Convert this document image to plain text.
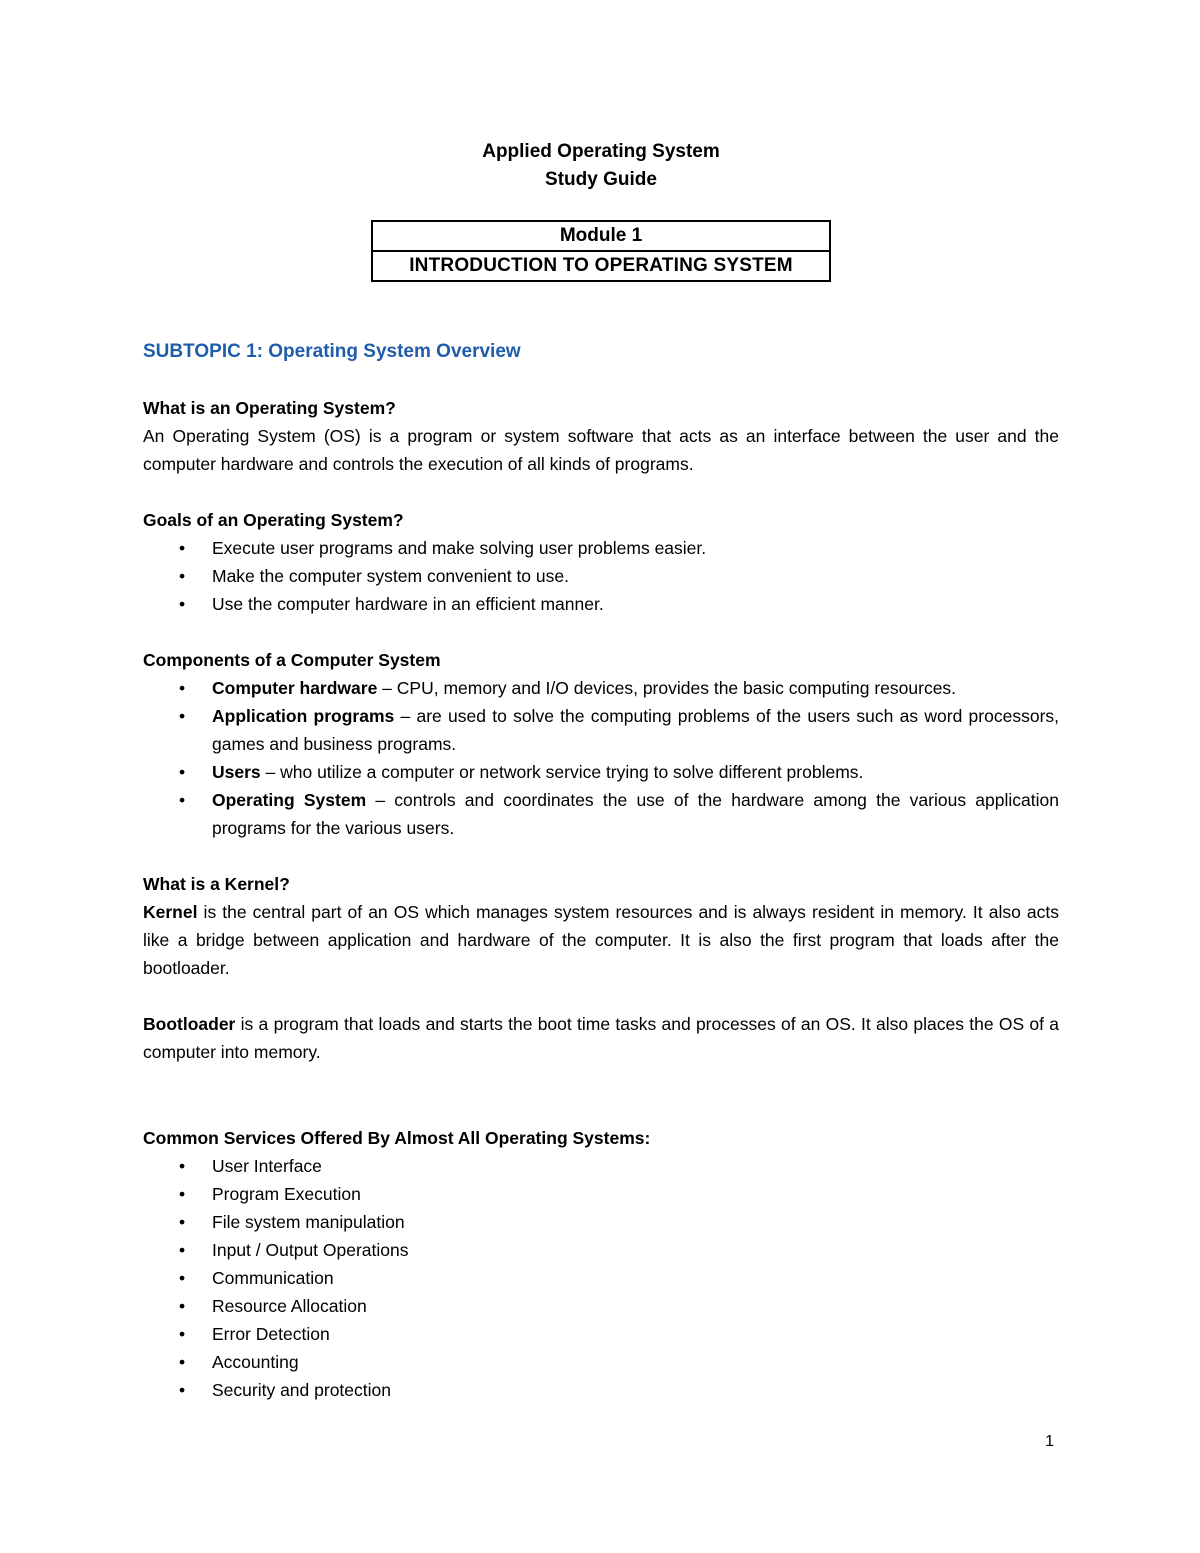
Applied Operating System

Study Guide

Module 1
INTRODUCTION TO OPERATING SYSTEM
SUBTOPIC 1: Operating System Overview
What is an Operating System?

An Operating System (OS) is a program or system software that acts as an interface between the user and the computer hardware and controls the execution of all kinds of programs.

Goals of an Operating System?
• Execute user programs and make solving user problems easier.
• Make the computer system convenient to use.
• Use the computer hardware in an efficient manner.
Components of a Computer System
• Computer hardware – CPU, memory and I/O devices, provides the basic computing resources.
• Application programs – are used to solve the computing problems of the users such as word processors, games and business programs.
• Users – who utilize a computer or network service trying to solve different problems.
• Operating System – controls and coordinates the use of the hardware among the various application programs for the various users.
What is a Kernel?

Kernel is the central part of an OS which manages system resources and is always resident in memory. It also acts like a bridge between application and hardware of the computer. It is also the first program that loads after the bootloader.

Bootloader is a program that loads and starts the boot time tasks and processes of an OS. It also places the OS of a computer into memory.

Common Services Offered By Almost All Operating Systems:
• User Interface
• Program Execution
• File system manipulation
• Input / Output Operations
• Communication
• Resource Allocation
• Error Detection
• Accounting
• Security and protection
1
